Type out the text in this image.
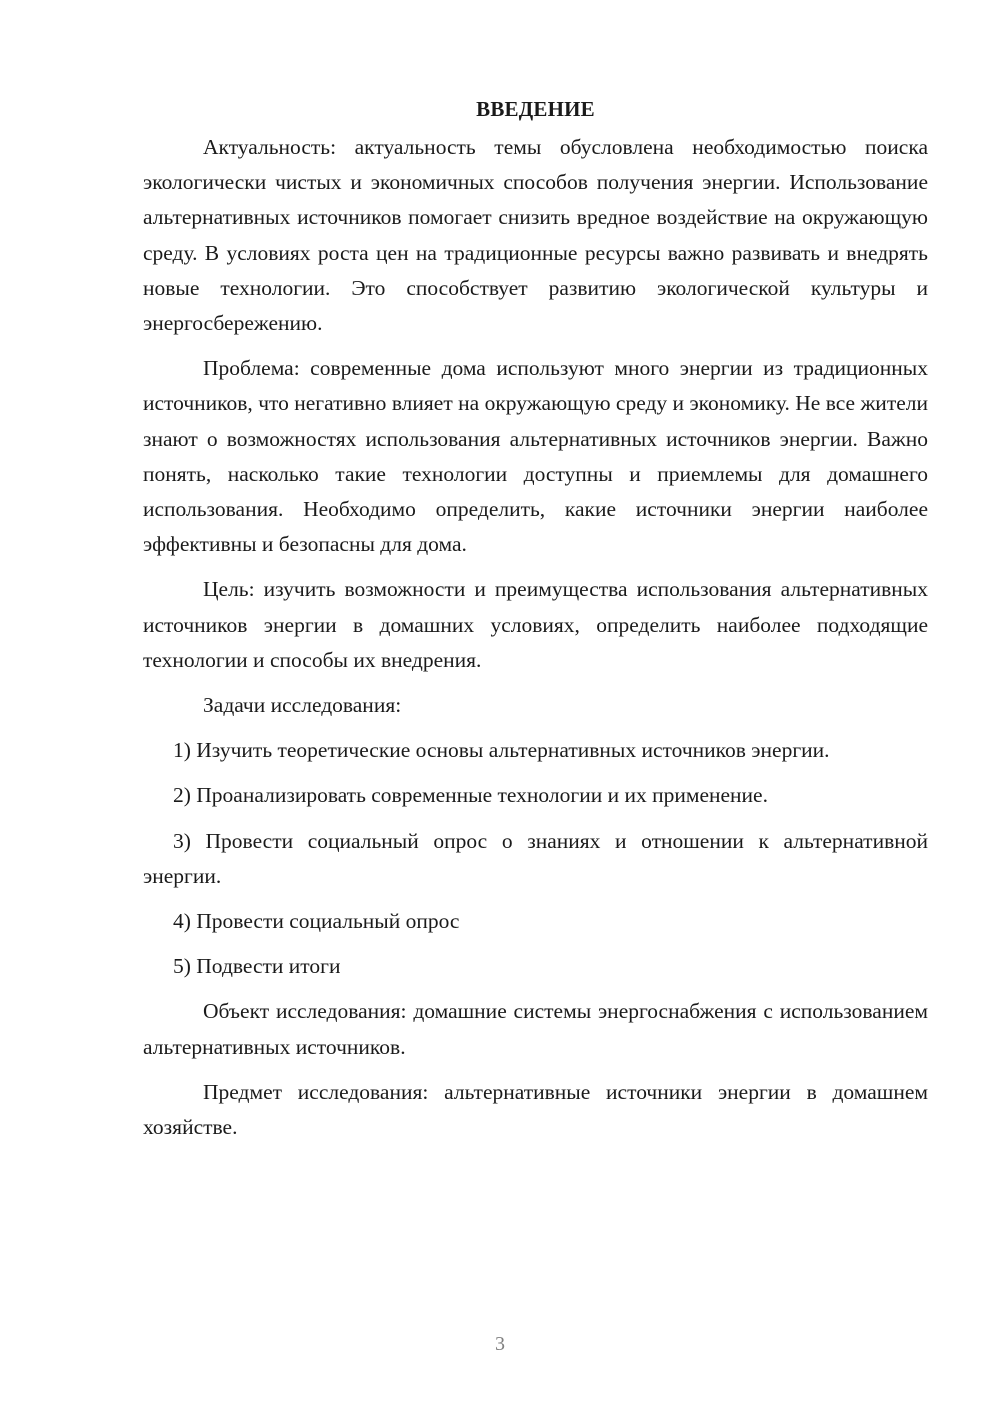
ВВЕДЕНИЕ

Актуальность: актуальность темы обусловлена необходимостью поиска экологически чистых и экономичных способов получения энергии. Использование альтернативных источников помогает снизить вредное воздействие на окружающую среду. В условиях роста цен на традиционные ресурсы важно развивать и внедрять новые технологии. Это способствует развитию экологической культуры и энергосбережению.

Проблема: современные дома используют много энергии из традиционных источников, что негативно влияет на окружающую среду и экономику. Не все жители знают о возможностях использования альтернативных источников энергии. Важно понять, насколько такие технологии доступны и приемлемы для домашнего использования. Необходимо определить, какие источники энергии наиболее эффективны и безопасны для дома.

Цель: изучить возможности и преимущества использования альтернативных источников энергии в домашних условиях, определить наиболее подходящие технологии и способы их внедрения.

Задачи исследования:

1) Изучить теоретические основы альтернативных источников энергии.

2) Проанализировать современные технологии и их применение.

3) Провести социальный опрос о знаниях и отношении к альтернативной энергии.

4) Провести социальный опрос

5) Подвести итоги

Объект исследования: домашние системы энергоснабжения с использованием альтернативных источников.

Предмет исследования: альтернативные источники энергии в домашнем хозяйстве.

3
